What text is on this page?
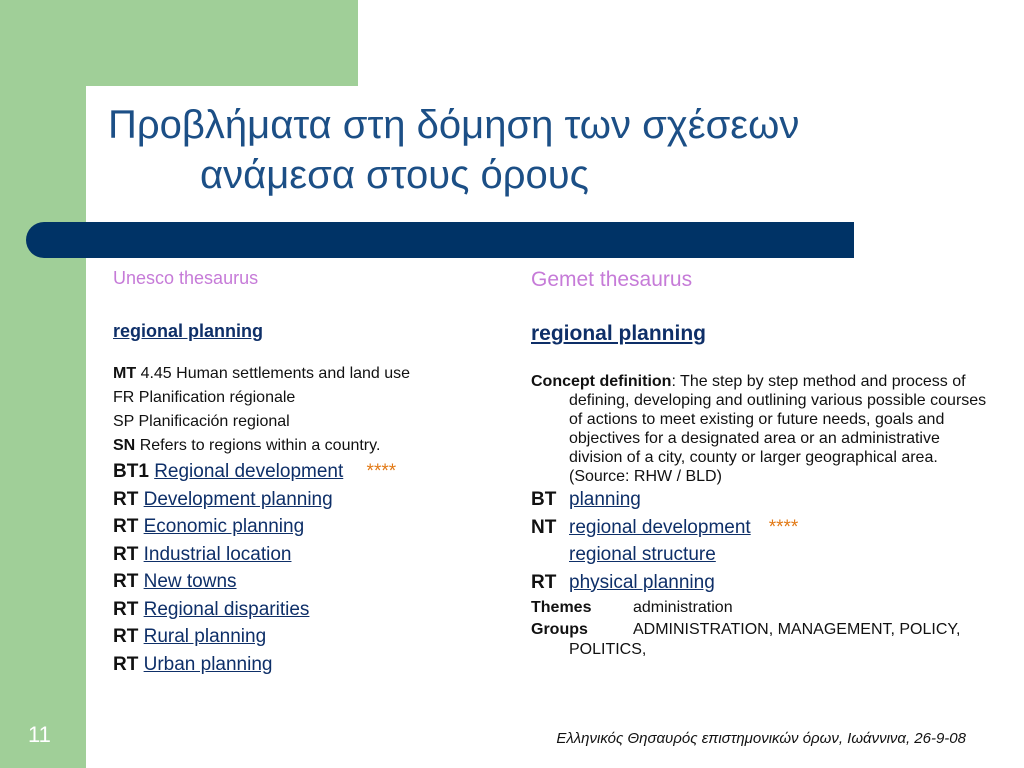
Προβλήματα στη δόμηση των σχέσεων
ανάμεσα στους όρους
Unesco thesaurus
regional planning
MT 4.45 Human settlements and land use
FR Planification régionale
SP Planificación regional
SN Refers to regions within a country.
BT1 Regional development ****
RT Development planning
RT Economic planning
RT Industrial location
RT New towns
RT Regional disparities
RT Rural planning
RT Urban planning
Gemet thesaurus
regional planning
Concept definition: The step by step method and process of defining, developing and outlining various possible courses of actions to meet existing or future needs, goals and objectives for a designated area or an administrative division of a city, county or larger geographical area. (Source: RHW / BLD)
BT planning
NT regional development ****
regional structure
RT physical planning
Themes	administration
Groups	ADMINISTRATION, MANAGEMENT, POLICY, POLITICS,
11	Ελληνικός Θησαυρός επιστημονικών όρων, Ιωάννινα, 26-9-08
